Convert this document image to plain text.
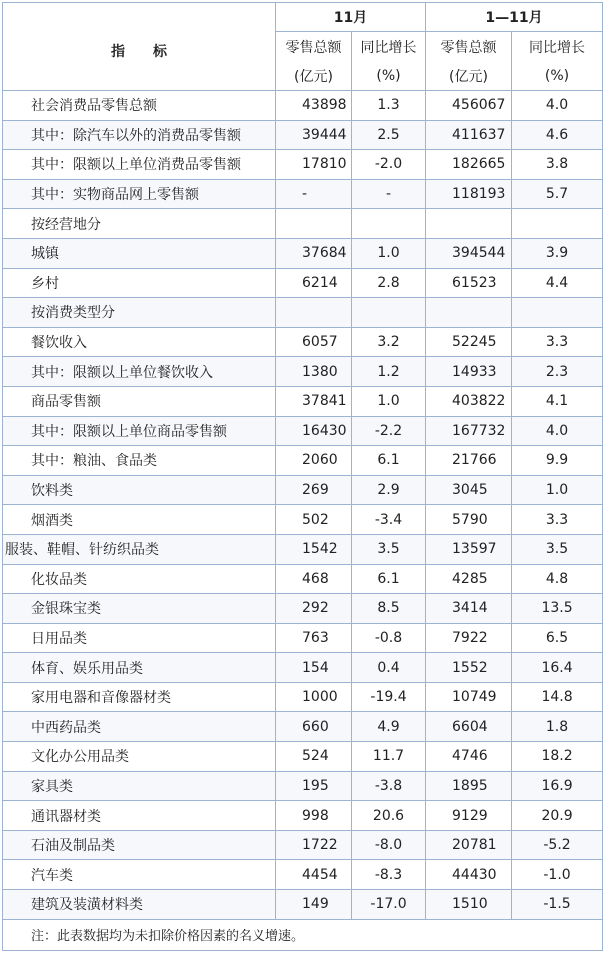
指　　标	11月		1—11月	
	零售总额	同比增长	零售总额	同比增长
	(亿元)	(%)	(亿元)	(%)
社会消费品零售总额	43898	1.3	456067	4.0
其中：除汽车以外的消费品零售额	39444	2.5	411637	4.6
其中：限额以上单位消费品零售额	17810	-2.0	182665	3.8
其中：实物商品网上零售额	-	-	118193	5.7
按经营地分				
城镇	37684	1.0	394544	3.9
乡村	6214	2.8	61523	4.4
按消费类型分				
餐饮收入	6057	3.2	52245	3.3
其中：限额以上单位餐饮收入	1380	1.2	14933	2.3
商品零售额	37841	1.0	403822	4.1
其中：限额以上单位商品零售额	16430	-2.2	167732	4.0
其中：粮油、食品类	2060	6.1	21766	9.9
饮料类	269	2.9	3045	1.0
烟酒类	502	-3.4	5790	3.3
服装、鞋帽、针纺织品类	1542	3.5	13597	3.5
化妆品类	468	6.1	4285	4.8
金银珠宝类	292	8.5	3414	13.5
日用品类	763	-0.8	7922	6.5
体育、娱乐用品类	154	0.4	1552	16.4
家用电器和音像器材类	1000	-19.4	10749	14.8
中西药品类	660	4.9	6604	1.8
文化办公用品类	524	11.7	4746	18.2
家具类	195	-3.8	1895	16.9
通讯器材类	998	20.6	9129	20.9
石油及制品类	1722	-8.0	20781	-5.2
汽车类	4454	-8.3	44430	-1.0
建筑及装潢材料类	149	-17.0	1510	-1.5
注：此表数据均为未扣除价格因素的名义增速。				
